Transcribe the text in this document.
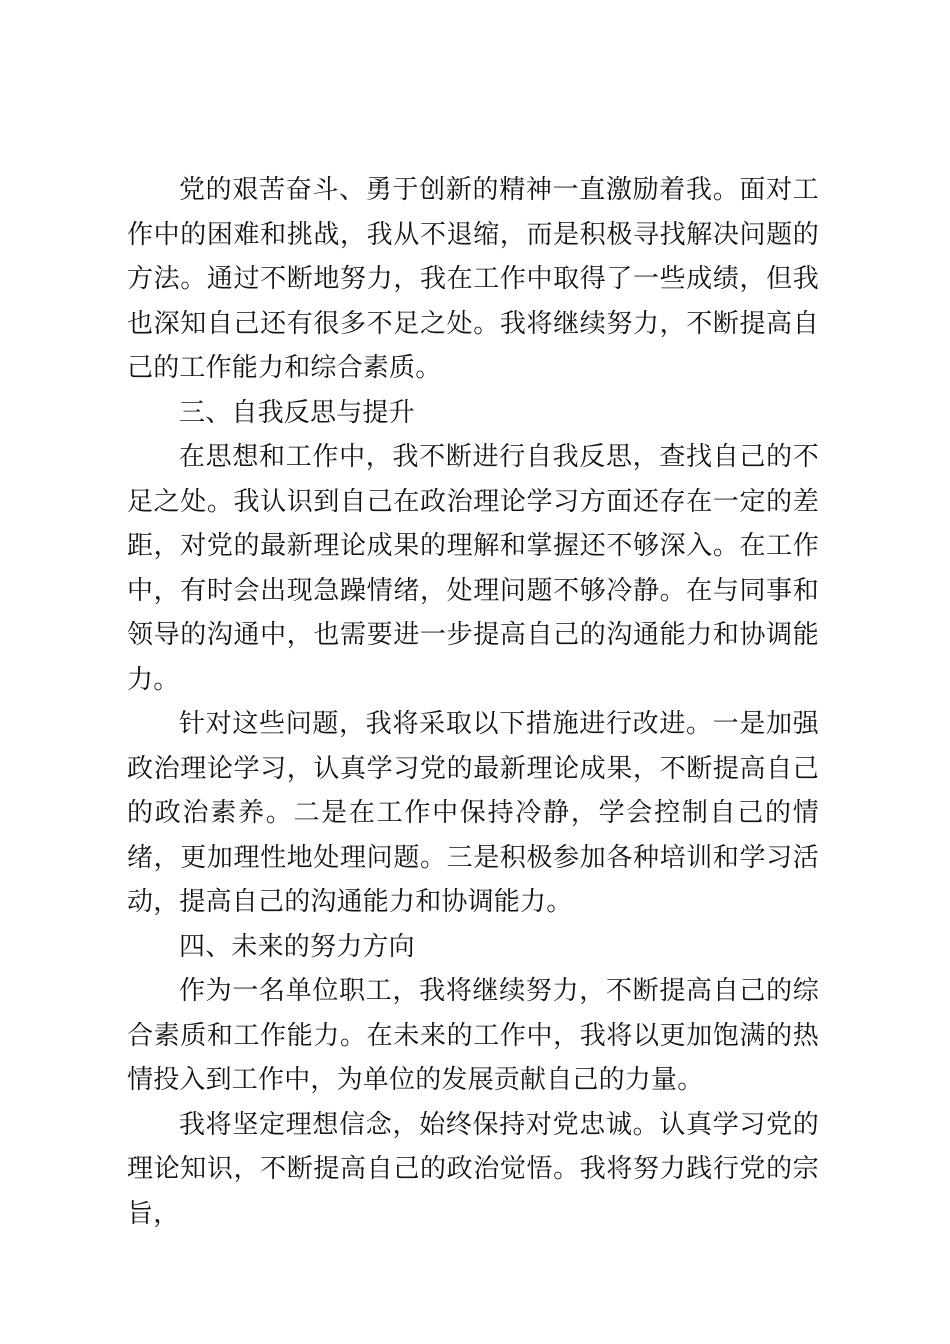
党的艰苦奋斗、勇于创新的精神一直激励着我。面对工作中的困难和挑战，我从不退缩，而是积极寻找解决问题的方法。通过不断地努力，我在工作中取得了一些成绩，但我也深知自己还有很多不足之处。我将继续努力，不断提高自己的工作能力和综合素质。

三、自我反思与提升

在思想和工作中，我不断进行自我反思，查找自己的不足之处。我认识到自己在政治理论学习方面还存在一定的差距，对党的最新理论成果的理解和掌握还不够深入。在工作中，有时会出现急躁情绪，处理问题不够冷静。在与同事和领导的沟通中，也需要进一步提高自己的沟通能力和协调能力。

针对这些问题，我将采取以下措施进行改进。一是加强政治理论学习，认真学习党的最新理论成果，不断提高自己的政治素养。二是在工作中保持冷静，学会控制自己的情绪，更加理性地处理问题。三是积极参加各种培训和学习活动，提高自己的沟通能力和协调能力。

四、未来的努力方向

作为一名单位职工，我将继续努力，不断提高自己的综合素质和工作能力。在未来的工作中，我将以更加饱满的热情投入到工作中，为单位的发展贡献自己的力量。

我将坚定理想信念，始终保持对党忠诚。认真学习党的理论知识，不断提高自己的政治觉悟。我将努力践行党的宗旨，
